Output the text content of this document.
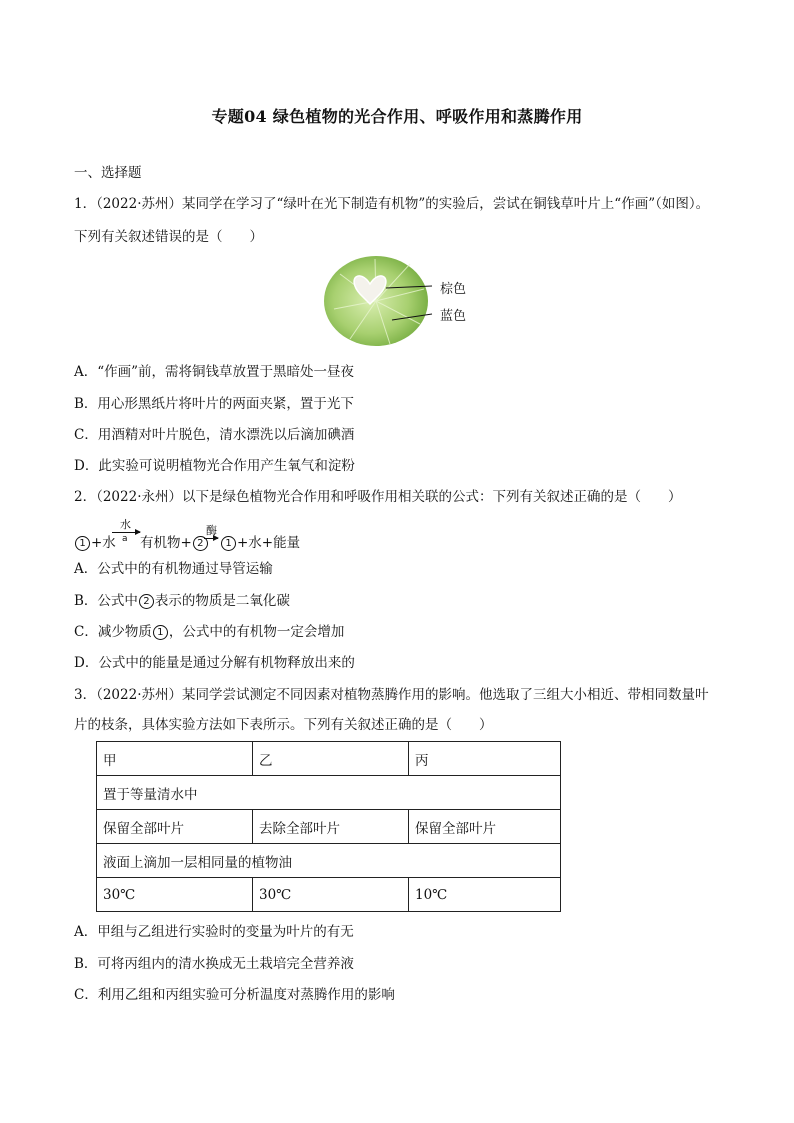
专题04 绿色植物的光合作用、呼吸作用和蒸腾作用
一、选择题
1．（2022·苏州）某同学在学习了“绿叶在光下制造有机物”的实验后，尝试在铜钱草叶片上“作画”（如图）。
下列有关叙述错误的是（　　）
棕色
蓝色
A．“作画”前，需将铜钱草放置于黑暗处一昼夜
B．用心形黑纸片将叶片的两面夹紧，置于光下
C．用酒精对叶片脱色，清水漂洗以后滴加碘酒
D．此实验可说明植物光合作用产生氧气和淀粉
2．（2022·永州）以下是绿色植物光合作用和呼吸作用相关联的公式：下列有关叙述正确的是（　　）
1 +水
水
a 有机物+ 2
酶
→ 1 +水+能量
A．公式中的有机物通过导管运输
B．公式中 2 表示的物质是二氧化碳
C．减少物质 1 ，公式中的有机物一定会增加
D．公式中的能量是通过分解有机物释放出来的
3．（2022·苏州）某同学尝试测定不同因素对植物蒸腾作用的影响。他选取了三组大小相近、带相同数量叶
片的枝条，具体实验方法如下表所示。下列有关叙述正确的是（　　）
甲	乙	丙
置于等量清水中		
保留全部叶片	去除全部叶片	保留全部叶片
液面上滴加一层相同量的植物油		
30℃	30℃	10℃
A．甲组与乙组进行实验时的变量为叶片的有无
B．可将丙组内的清水换成无土栽培完全营养液
C．利用乙组和丙组实验可分析温度对蒸腾作用的影响
